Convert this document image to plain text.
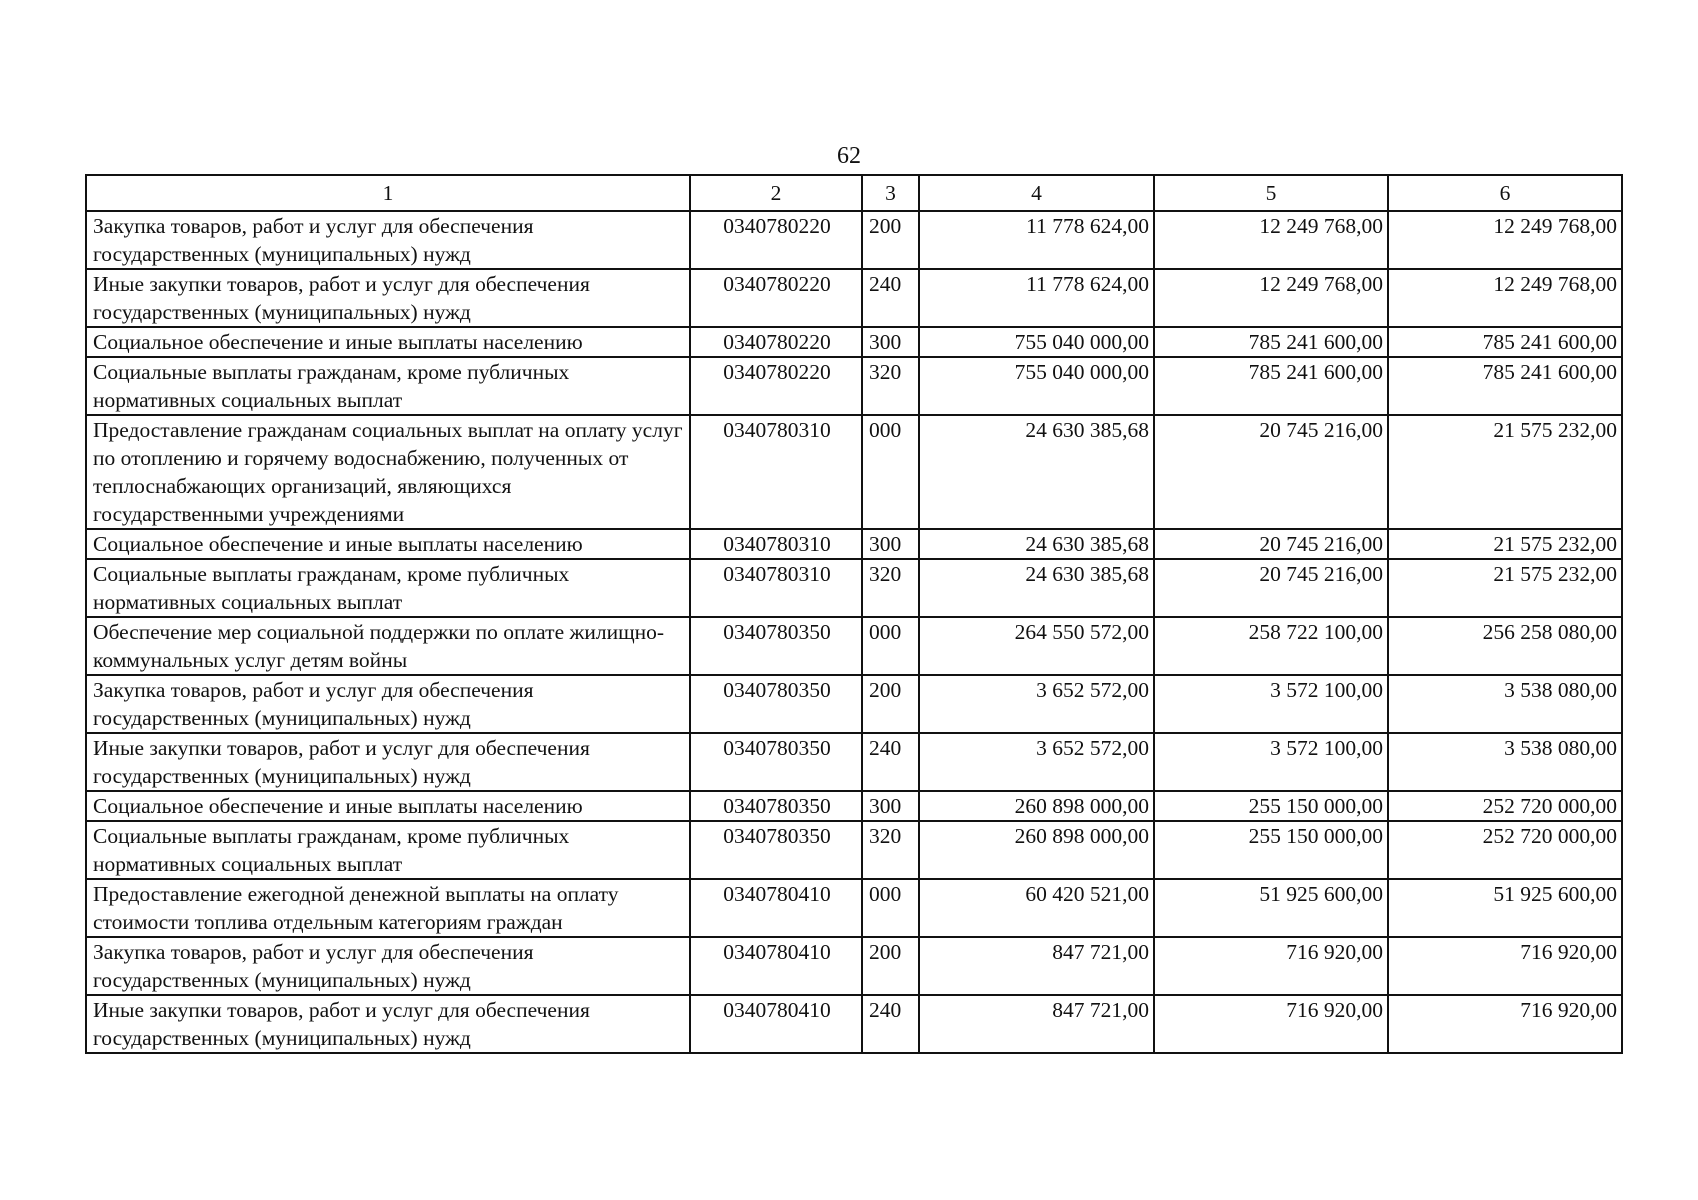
62
1	2	3	4	5	6
Закупка товаров, работ и услуг для обеспечения государственных (муниципальных) нужд	0340780220	200	11 778 624,00	12 249 768,00	12 249 768,00
Иные закупки товаров, работ и услуг для обеспечения государственных (муниципальных) нужд	0340780220	240	11 778 624,00	12 249 768,00	12 249 768,00
Социальное обеспечение и иные выплаты населению	0340780220	300	755 040 000,00	785 241 600,00	785 241 600,00
Социальные выплаты гражданам, кроме публичных нормативных социальных выплат	0340780220	320	755 040 000,00	785 241 600,00	785 241 600,00
Предоставление гражданам социальных выплат на оплату услуг по отоплению и горячему водоснабжению, полученных от теплоснабжающих организаций, являющихся государственными учреждениями	0340780310	000	24 630 385,68	20 745 216,00	21 575 232,00
Социальное обеспечение и иные выплаты населению	0340780310	300	24 630 385,68	20 745 216,00	21 575 232,00
Социальные выплаты гражданам, кроме публичных нормативных социальных выплат	0340780310	320	24 630 385,68	20 745 216,00	21 575 232,00
Обеспечение мер социальной поддержки по оплате жилищно-коммунальных услуг детям войны	0340780350	000	264 550 572,00	258 722 100,00	256 258 080,00
Закупка товаров, работ и услуг для обеспечения государственных (муниципальных) нужд	0340780350	200	3 652 572,00	3 572 100,00	3 538 080,00
Иные закупки товаров, работ и услуг для обеспечения государственных (муниципальных) нужд	0340780350	240	3 652 572,00	3 572 100,00	3 538 080,00
Социальное обеспечение и иные выплаты населению	0340780350	300	260 898 000,00	255 150 000,00	252 720 000,00
Социальные выплаты гражданам, кроме публичных нормативных социальных выплат	0340780350	320	260 898 000,00	255 150 000,00	252 720 000,00
Предоставление ежегодной денежной выплаты на оплату стоимости топлива отдельным категориям граждан	0340780410	000	60 420 521,00	51 925 600,00	51 925 600,00
Закупка товаров, работ и услуг для обеспечения государственных (муниципальных) нужд	0340780410	200	847 721,00	716 920,00	716 920,00
Иные закупки товаров, работ и услуг для обеспечения государственных (муниципальных) нужд	0340780410	240	847 721,00	716 920,00	716 920,00
